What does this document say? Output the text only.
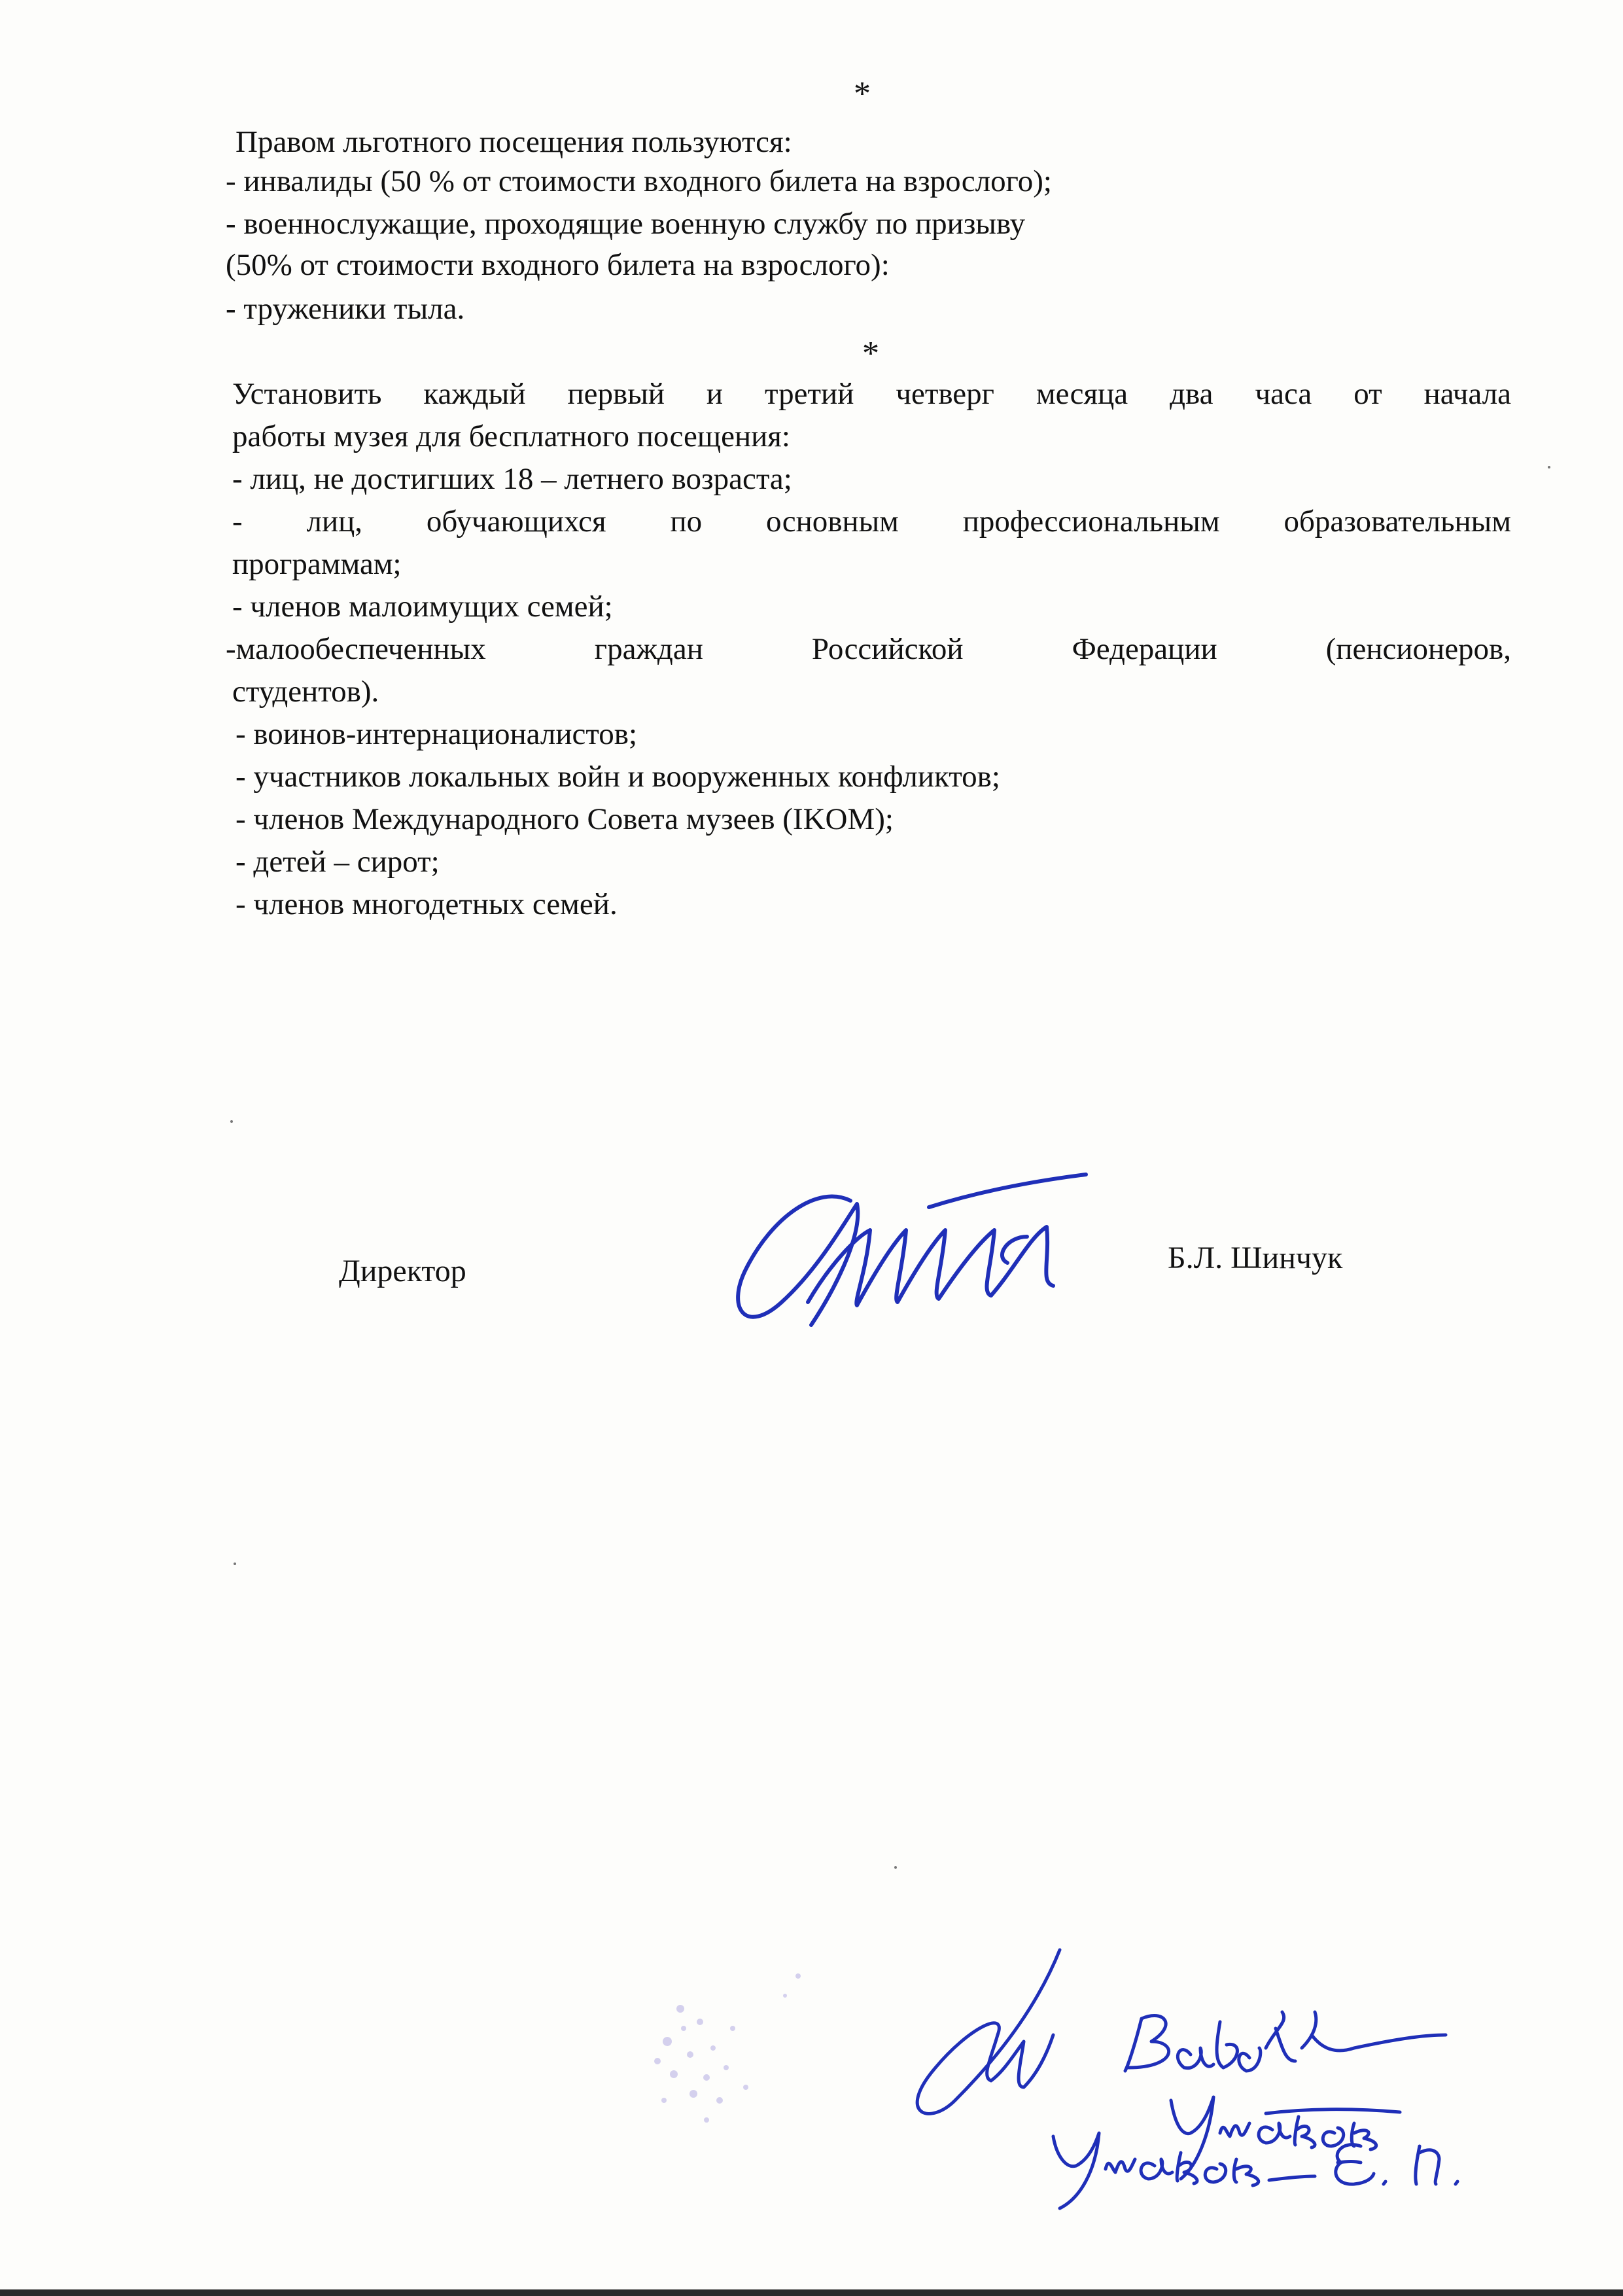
*
Правом льготного посещения пользуются:
- инвалиды (50 % от стоимости входного билета на взрослого);
- военнослужащие, проходящие военную службу по призыву
(50% от стоимости входного билета на взрослого):
- труженики тыла.
*
Установить каждый первый и третий четверг месяца два часа от начала
работы музея для бесплатного посещения:
- лиц, не достигших 18 – летнего возраста;
- лиц, обучающихся по основным профессиональным образовательным
программам;
- членов малоимущих семей;
-малообеспеченных граждан Российской Федерации (пенсионеров,
студентов).
- воинов-интернационалистов;
- участников локальных войн и вооруженных конфликтов;
- членов Международного Совета музеев (IKOM);
- детей – сирот;
- членов многодетных семей.
Директор	Б.Л. Шинчук
